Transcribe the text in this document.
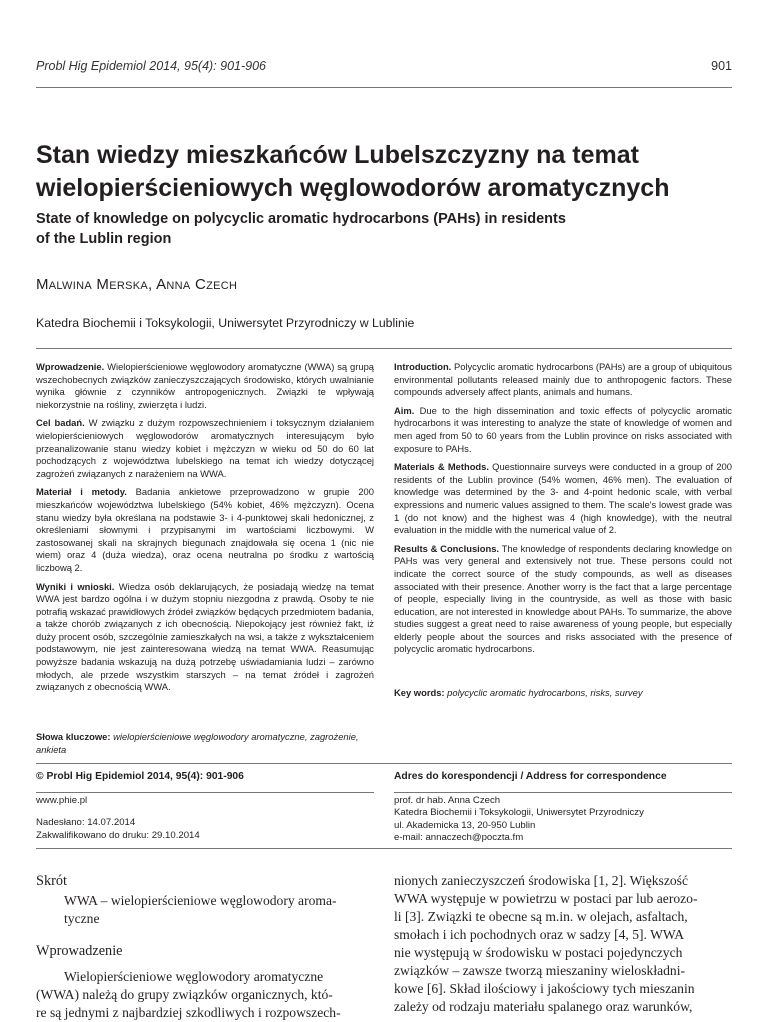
Probl Hig Epidemiol 2014, 95(4): 901-906	901
Stan wiedzy mieszkańców Lubelszczyzny na temat
wielopierścieniowych węglowodorów aromatycznych
State of knowledge on polycyclic aromatic hydrocarbons (PAHs) in residents
of the Lublin region
Malwina Merska, Anna Czech
Katedra Biochemii i Toksykologii, Uniwersytet Przyrodniczy w Lublinie

Wprowadzenie. Wielopierścieniowe węglowodory aromatyczne (WWA) są grupą wszechobecnych związków zanieczyszczających środowisko, których uwalnianie wynika głównie z czynników antropogenicznych. Związki te wpływają niekorzystnie na rośliny, zwierzęta i ludzi.

Cel badań. W związku z dużym rozpowszechnieniem i toksycznym działaniem wielopierścieniowych węglowodorów aromatycznych interesującym było przeanalizowanie stanu wiedzy kobiet i mężczyzn w wieku od 50 do 60 lat pochodzących z województwa lubelskiego na temat ich wiedzy dotyczącej zagrożeń związanych z narażeniem na WWA.

Materiał i metody. Badania ankietowe przeprowadzono w grupie 200 mieszkańców województwa lubelskiego (54% kobiet, 46% mężczyzn). Ocena stanu wiedzy była określana na podstawie 3- i 4-punktowej skali hedonicznej, z określeniami słownymi i przypisanymi im wartościami liczbowymi. W zastosowanej skali na skrajnych biegunach znajdowała się ocena 1 (nic nie wiem) oraz 4 (duża wiedza), oraz ocena neutralna po środku z wartością liczbową 2.

Wyniki i wnioski. Wiedza osób deklarujących, że posiadają wiedzę na temat WWA jest bardzo ogólna i w dużym stopniu niezgodna z prawdą. Osoby te nie potrafią wskazać prawidłowych źródeł związków będących przedmiotem badania, a także chorób związanych z ich obecnością. Niepokojący jest również fakt, iż duży procent osób, szczególnie zamieszkałych na wsi, a także z wykształceniem podstawowym, nie jest zainteresowana wiedzą na temat WWA. Reasumując powyższe badania wskazują na dużą potrzebę uświadamiania ludzi – zarówno młodych, ale przede wszystkim starszych – na temat źródeł i zagrożeń związanych z obecnością WWA.

Introduction. Polycyclic aromatic hydrocarbons (PAHs) are a group of ubiquitous environmental pollutants released mainly due to anthropogenic factors. These compounds adversely affect plants, animals and humans.

Aim. Due to the high dissemination and toxic effects of polycyclic aromatic hydrocarbons it was interesting to analyze the state of knowledge of women and men aged from 50 to 60 years from the Lublin province on risks associated with exposure to PAHs.

Materials & Methods. Questionnaire surveys were conducted in a group of 200 residents of the Lublin province (54% women, 46% men). The evaluation of knowledge was determined by the 3- and 4-point hedonic scale, with verbal expressions and numeric values assigned to them. The scale's lowest grade was 1 (do not know) and the highest was 4 (high knowledge), with the neutral evaluation in the middle with the numerical value of 2.

Results & Conclusions. The knowledge of respondents declaring knowledge on PAHs was very general and extensively not true. These persons could not indicate the correct source of the study compounds, as well as diseases associated with their presence. Another worry is the fact that a large percentage of people, especially living in the countryside, as well as those with basic education, are not interested in knowledge about PAHs. To summarize, the above studies suggest a great need to raise awareness of young people, but especially elderly people about the sources and risks associated with the presence of polycyclic aromatic hydrocarbons.

Key words: polycyclic aromatic hydrocarbons, risks, survey
Słowa kluczowe: wielopierścieniowe węglowodory aromatyczne, zagrożenie, ankieta
© Probl Hig Epidemiol 2014, 95(4): 901-906
www.phie.pl
Nadesłano: 14.07.2014
Zakwalifikowano do druku: 29.10.2014
Adres do korespondencji / Address for correspondence
prof. dr hab. Anna Czech
Katedra Biochemii i Toksykologii, Uniwersytet Przyrodniczy
ul. Akademicka 13, 20-950 Lublin
e-mail: annaczech@poczta.fm
Skrót
WWA – wielopierścieniowe węglowodory aroma-
tyczne
Wprowadzenie
Wielopierścieniowe węglowodory aromatyczne
(WWA) należą do grupy związków organicznych, któ-
re są jednymi z najbardziej szkodliwych i rozpowszech-
nionych zanieczyszczeń środowiska [1, 2]. Większość
WWA występuje w powietrzu w postaci par lub aerozo-
li [3]. Związki te obecne są m.in. w olejach, asfaltach,
smołach i ich pochodnych oraz w sadzy [4, 5]. WWA
nie występują w środowisku w postaci pojedynczych
związków – zawsze tworzą mieszaniny wieloskładni-
kowe [6]. Skład ilościowy i jakościowy tych mieszanin
zależy od rodzaju materiału spalanego oraz warunków,
